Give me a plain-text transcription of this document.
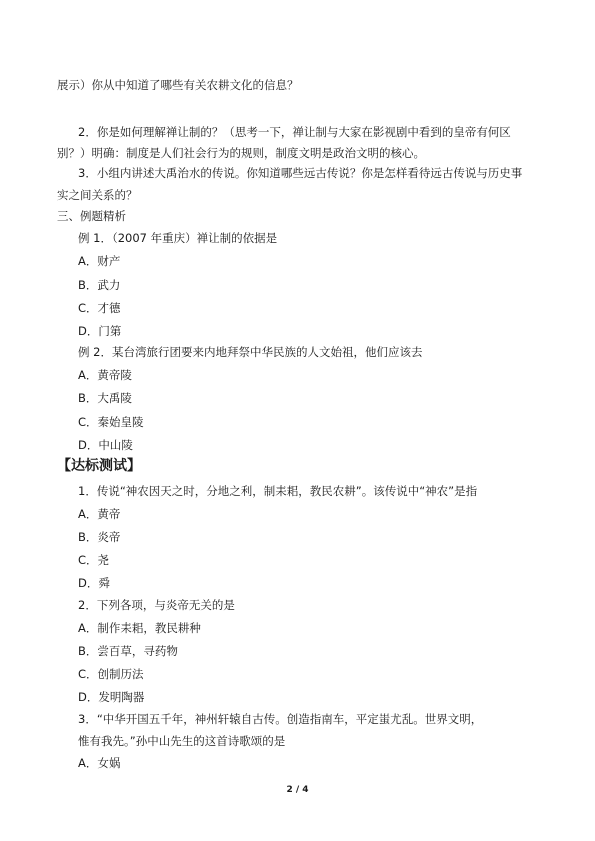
展示）你从中知道了哪些有关农耕文化的信息？
2．你是如何理解禅让制的？（思考一下，禅让制与大家在影视剧中看到的皇帝有何区
别？）明确：制度是人们社会行为的规则，制度文明是政治文明的核心。
3．小组内讲述大禹治水的传说。你知道哪些远古传说？你是怎样看待远古传说与历史事
实之间关系的？
三、例题精析
例 1．（2007 年重庆）禅让制的依据是
A．财产
B．武力
C．才德
D．门第
例 2．某台湾旅行团要来内地拜祭中华民族的人文始祖，他们应该去
A．黄帝陵
B．大禹陵
C．秦始皇陵
D．中山陵
【达标测试】
1．传说“神农因天之时，分地之利，制耒耜，教民农耕”。该传说中“神农”是指
A．黄帝
B．炎帝
C．尧
D．舜
2．下列各项，与炎帝无关的是
A．制作耒耜，教民耕种
B．尝百草，寻药物
C．创制历法
D．发明陶器
3．“中华开国五千年，神州轩辕自古传。创造指南车，平定蚩尤乱。世界文明，
惟有我先。”孙中山先生的这首诗歌颂的是
A．女娲
2 / 4
